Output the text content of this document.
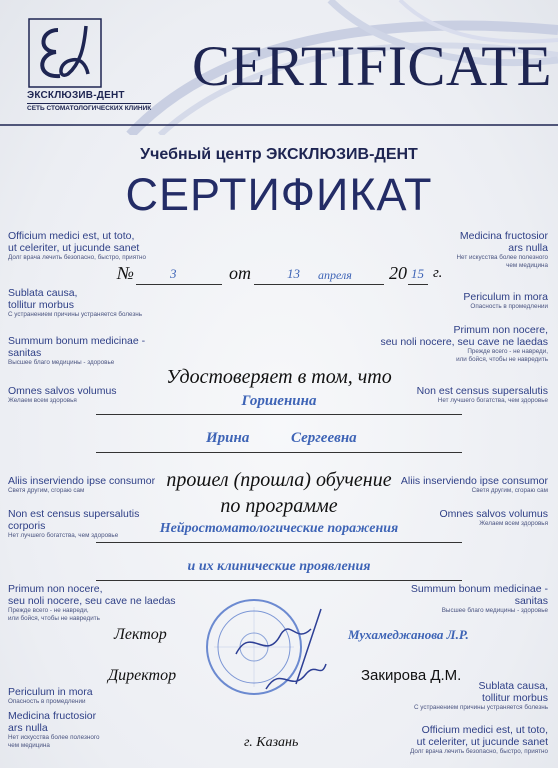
ЭКСКЛЮЗИВ-ДЕНТ
СЕТЬ СТОМАТОЛОГИЧЕСКИХ КЛИНИК
CERTIFICATE
Учебный центр ЭКСКЛЮЗИВ-ДЕНТ
СЕРТИФИКАТ
Officium medici est, ut toto,
ut celeriter, ut jucunde sanet
Долг врача лечить безопасно, быстро, приятно
Sublata causa,
tollitur morbus
С устранением причины устраняется болезнь
Summum bonum medicinae -
sanitas
Высшее благо медицины - здоровье
Omnes salvos volumus
Желаем всем здоровья
Aliis inserviendo ipse consumor
Светя другим, сгораю сам
Non est census supersalutis
corporis
Нет лучшего богатства, чем здоровье
Primum non nocere,
seu noli nocere, seu cave ne laedas
Прежде всего - не навреди,
или бойся, чтобы не навредить
Periculum in mora
Опасность в промедлении
Medicina fructosior
ars nulla
Нет искусства более полезного
чем медицина
Medicina fructosior
ars nulla
Нет искусства более полезного
чем медицина
Periculum in mora
Опасность в промедлении
Primum non nocere,
seu noli nocere, seu cave ne laedas
Прежде всего - не навреди,
или бойся, чтобы не навредить
Non est census supersalutis
Нет лучшего богатства, чем здоровье
Aliis inserviendo ipse consumor
Светя другим, сгораю сам
Omnes salvos volumus
Желаем всем здоровья
Summum bonum medicinae -
sanitas
Высшее благо медицины - здоровье
Sublata causa,
tollitur morbus
С устранением причины устраняется болезнь
Officium medici est, ut toto,
ut celeriter, ut jucunde sanet
Долг врача лечить безопасно, быстро, приятно
№	3	от	13 апреля 20 15 г.
Удостоверяет в том, что
Горшенина
Ирина	Сергеевна
прошел (прошла) обучение
по программе
Нейростоматологические поражения
и их клинические проявления
Лектор	Мухамеджанова Л.Р.
Директор	Закирова Д.М.
г. Казань
